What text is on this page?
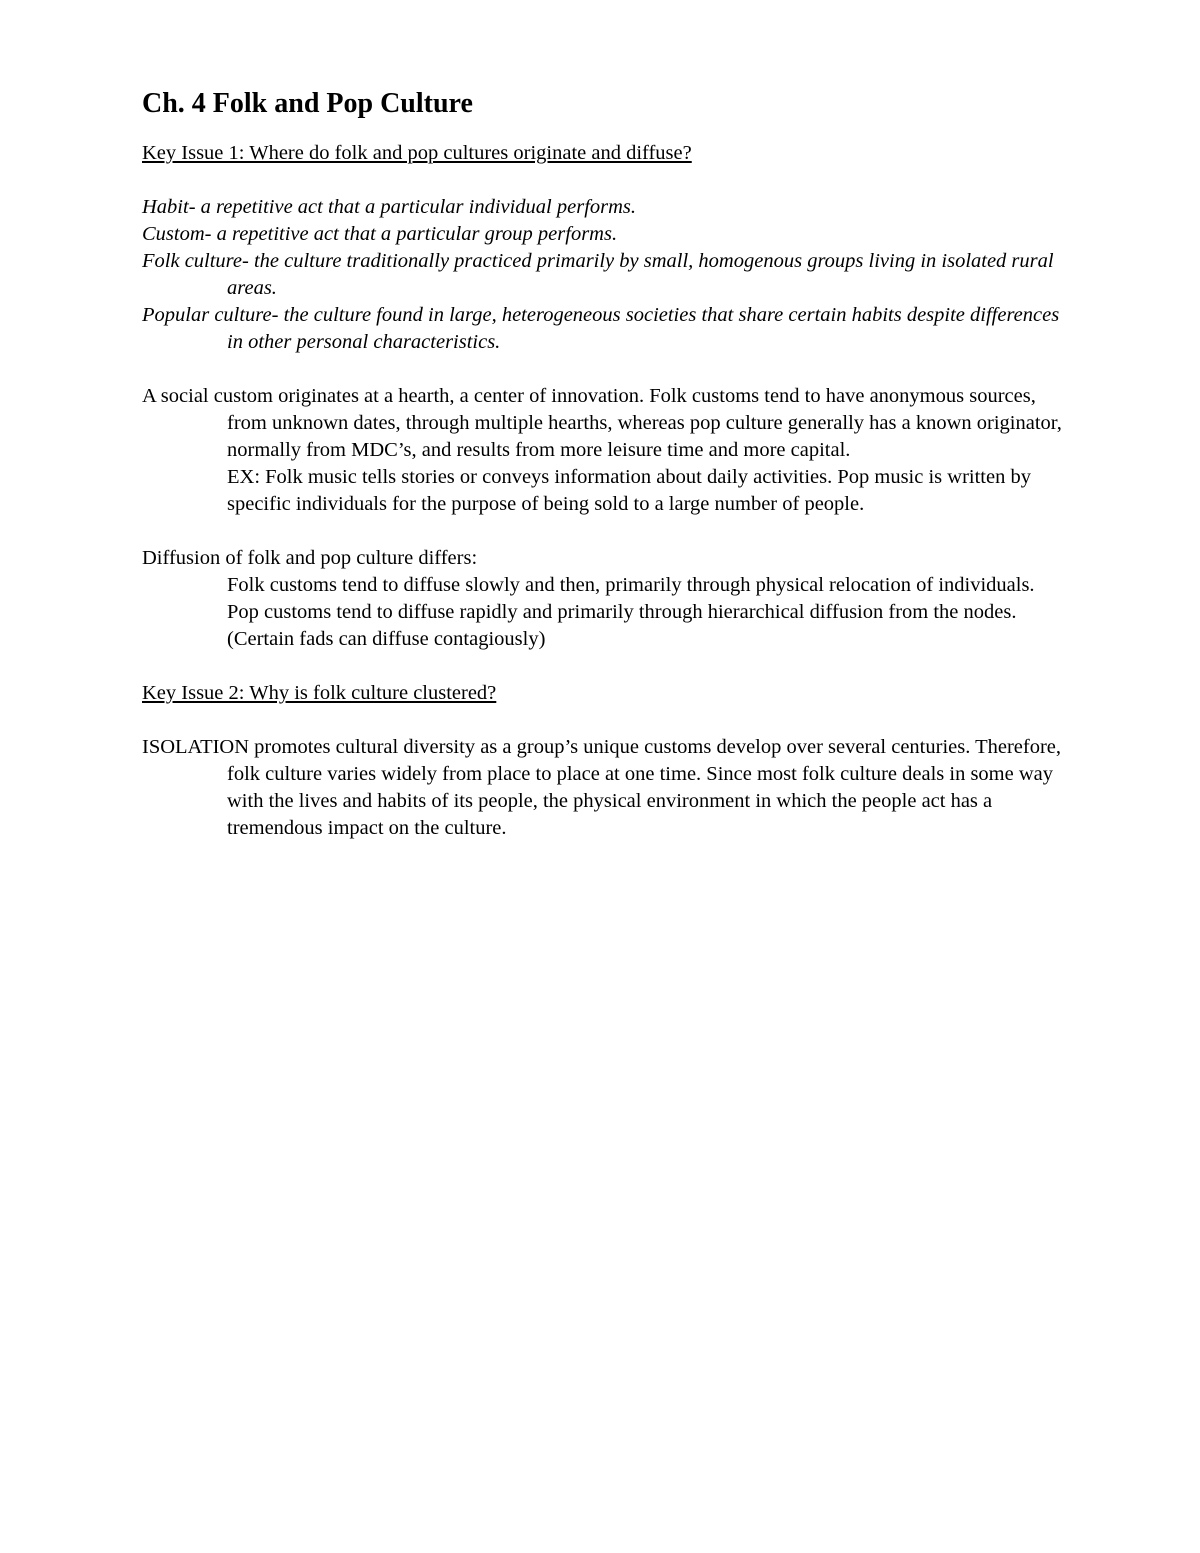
Ch. 4 Folk and Pop Culture

Key Issue 1: Where do folk and pop cultures originate and diffuse?

Habit- a repetitive act that a particular individual performs.

Custom- a repetitive act that a particular group performs.

Folk culture- the culture traditionally practiced primarily by small, homogenous groups living in isolated rural areas.

Popular culture- the culture found in large, heterogeneous societies that share certain habits despite differences in other personal characteristics.

A social custom originates at a hearth, a center of innovation. Folk customs tend to have anonymous sources, from unknown dates, through multiple hearths, whereas pop culture generally has a known originator, normally from MDC’s, and results from more leisure time and more capital.

EX: Folk music tells stories or conveys information about daily activities. Pop music is written by specific individuals for the purpose of being sold to a large number of people.

Diffusion of folk and pop culture differs:

Folk customs tend to diffuse slowly and then, primarily through physical relocation of individuals.

Pop customs tend to diffuse rapidly and primarily through hierarchical diffusion from the nodes. (Certain fads can diffuse contagiously)

Key Issue 2: Why is folk culture clustered?

ISOLATION promotes cultural diversity as a group’s unique customs develop over several centuries. Therefore, folk culture varies widely from place to place at one time. Since most folk culture deals in some way with the lives and habits of its people, the physical environment in which the people act has a tremendous impact on the culture.
